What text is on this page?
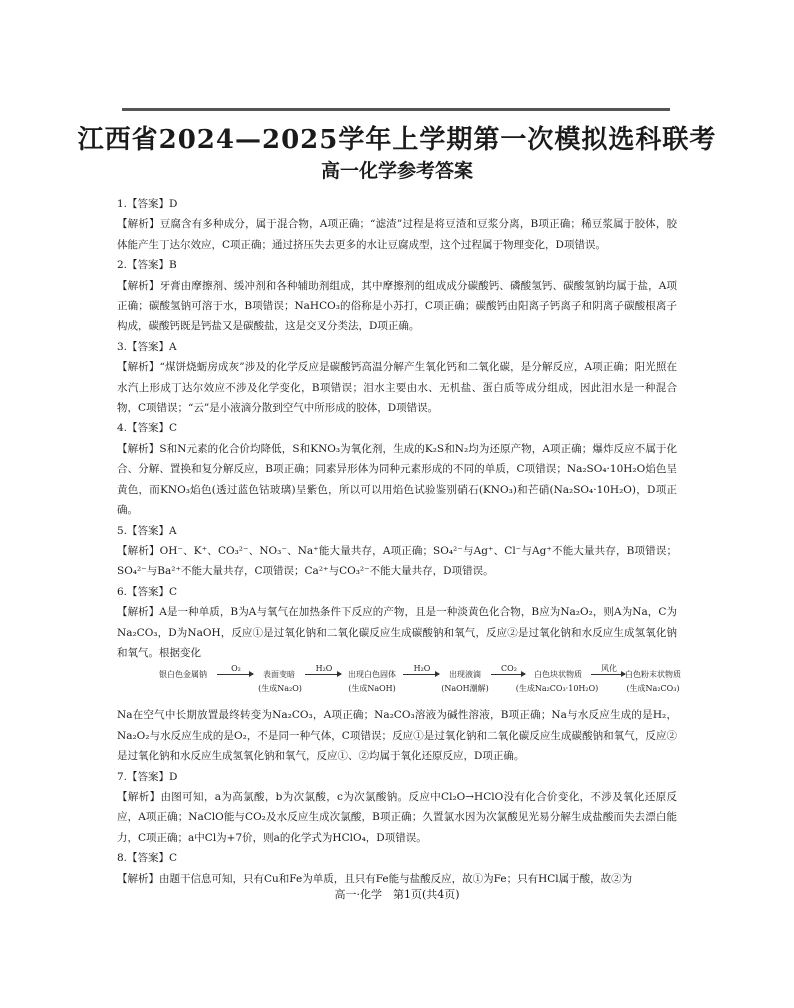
江西省2024—2025学年上学期第一次模拟选科联考
高一化学参考答案
1.【答案】D
【解析】豆腐含有多种成分，属于混合物，A项正确；“滤渣”过程是将豆渣和豆浆分离，B项正确；稀豆浆属于胶体，胶体能产生丁达尔效应，C项正确；通过挤压失去更多的水让豆腐成型，这个过程属于物理变化，D项错误。
2.【答案】B
【解析】牙膏由摩擦剂、缓冲剂和各种辅助剂组成，其中摩擦剂的组成成分碳酸钙、磷酸氢钙、碳酸氢钠均属于盐，A项正确；碳酸氢钠可溶于水，B项错误；NaHCO₃的俗称是小苏打，C项正确；碳酸钙由阳离子钙离子和阴离子碳酸根离子构成，碳酸钙既是钙盐又是碳酸盐，这是交叉分类法，D项正确。
3.【答案】A
【解析】“煤饼烧蛎房成灰”涉及的化学反应是碳酸钙高温分解产生氧化钙和二氧化碳，是分解反应，A项正确；阳光照在水汽上形成丁达尔效应不涉及化学变化，B项错误；泪水主要由水、无机盐、蛋白质等成分组成，因此泪水是一种混合物，C项错误；“云”是小液滴分散到空气中所形成的胶体，D项错误。
4.【答案】C
【解析】S和N元素的化合价均降低，S和KNO₃为氧化剂，生成的K₂S和N₂均为还原产物，A项正确；爆炸反应不属于化合、分解、置换和复分解反应，B项正确；同素异形体为同种元素形成的不同的单质，C项错误；Na₂SO₄·10H₂O焰色呈黄色，而KNO₃焰色(透过蓝色钴玻璃)呈紫色，所以可以用焰色试验鉴别硝石(KNO₃)和芒硝(Na₂SO₄·10H₂O)，D项正确。
5.【答案】A
【解析】OH⁻、K⁺、CO₃²⁻、NO₃⁻、Na⁺能大量共存，A项正确；SO₄²⁻与Ag⁺、Cl⁻与Ag⁺不能大量共存，B项错误；SO₄²⁻与Ba²⁺不能大量共存，C项错误；Ca²⁺与CO₃²⁻不能大量共存，D项错误。
6.【答案】C
【解析】A是一种单质，B为A与氧气在加热条件下反应的产物，且是一种淡黄色化合物，B应为Na₂O₂，则A为Na，C为Na₂CO₃，D为NaOH，反应①是过氧化钠和二氧化碳反应生成碳酸钠和氧气，反应②是过氧化钠和水反应生成氢氧化钠和氧气。根据变化
银白色金属钠
O₂
表面变暗
(生成Na₂O)
H₂O
出现白色固体
(生成NaOH)
H₂O
出现液滴
(NaOH潮解)
CO₂
白色块状物质
(生成Na₂CO₃·10H₂O)
风化
白色粉末状物质
(生成Na₂CO₃)
Na在空气中长期放置最终转变为Na₂CO₃，A项正确；Na₂CO₃溶液为碱性溶液，B项正确；Na与水反应生成的是H₂，Na₂O₂与水反应生成的是O₂，不是同一种气体，C项错误；反应①是过氧化钠和二氧化碳反应生成碳酸钠和氧气，反应②是过氧化钠和水反应生成氢氧化钠和氧气，反应①、②均属于氧化还原反应，D项正确。
7.【答案】D
【解析】由图可知，a为高氯酸，b为次氯酸，c为次氯酸钠。反应中Cl₂O→HClO没有化合价变化，不涉及氧化还原反应，A项正确；NaClO能与CO₂及水反应生成次氯酸，B项正确；久置氯水因为次氯酸见光易分解生成盐酸而失去漂白能力，C项正确；a中Cl为+7价，则a的化学式为HClO₄，D项错误。
8.【答案】C
【解析】由题干信息可知，只有Cu和Fe为单质，且只有Fe能与盐酸反应，故①为Fe；只有HCl属于酸，故②为
高一·化学　第1页(共4页)
